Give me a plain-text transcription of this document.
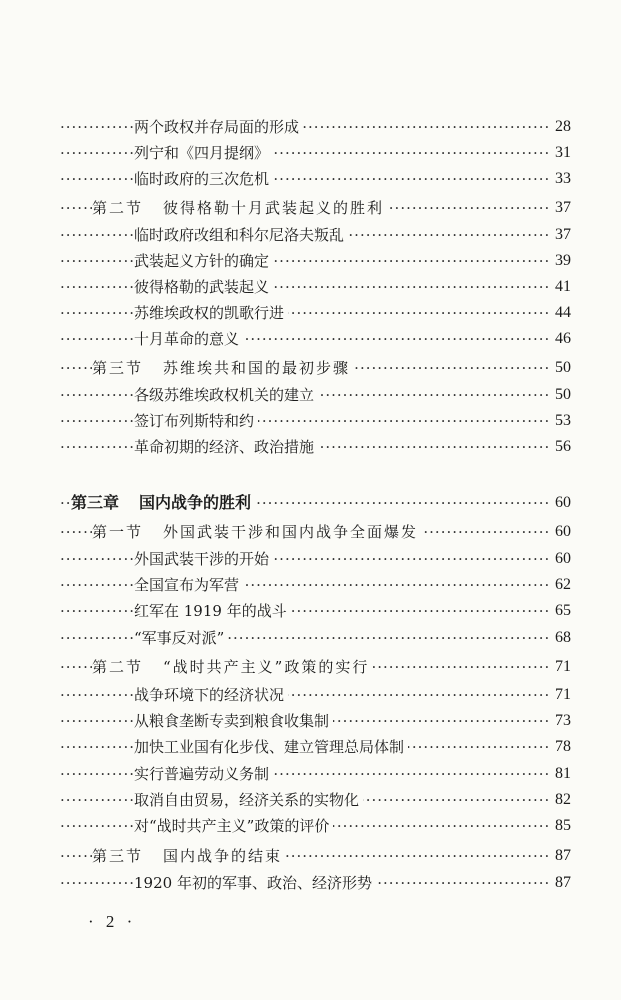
两个政权并存局面的形成 ·····	28
列宁和《四月提纲》 ·····	31
临时政府的三次危机 ·····	33
第二节 彼得格勒十月武装起义的胜利 ·····	37
临时政府改组和科尔尼洛夫叛乱 ·····	37
武装起义方针的确定 ·····	39
彼得格勒的武装起义 ·····	41
苏维埃政权的凯歌行进 ·····	44
十月革命的意义 ·····	46
第三节 苏维埃共和国的最初步骤 ·····	50
各级苏维埃政权机关的建立 ·····	50
签订布列斯特和约 ·····	53
革命初期的经济、政治措施 ·····	56
第三章 国内战争的胜利 ·····	60
第一节 外国武装干涉和国内战争全面爆发 ·····	60
外国武装干涉的开始 ·····	60
全国宣布为军营 ·····	62
红军在 1919 年的战斗 ·····	65
“军事反对派” ·····	68
第二节 “战时共产主义”政策的实行 ·····	71
战争环境下的经济状况 ·····	71
从粮食垄断专卖到粮食收集制 ·····	73
加快工业国有化步伐、建立管理总局体制 ·····	78
实行普遍劳动义务制 ·····	81
取消自由贸易，经济关系的实物化 ·····	82
对“战时共产主义”政策的评价 ·····	85
第三节 国内战争的结束 ·····	87
1920 年初的军事、政治、经济形势 ·····	87
· 2 ·
